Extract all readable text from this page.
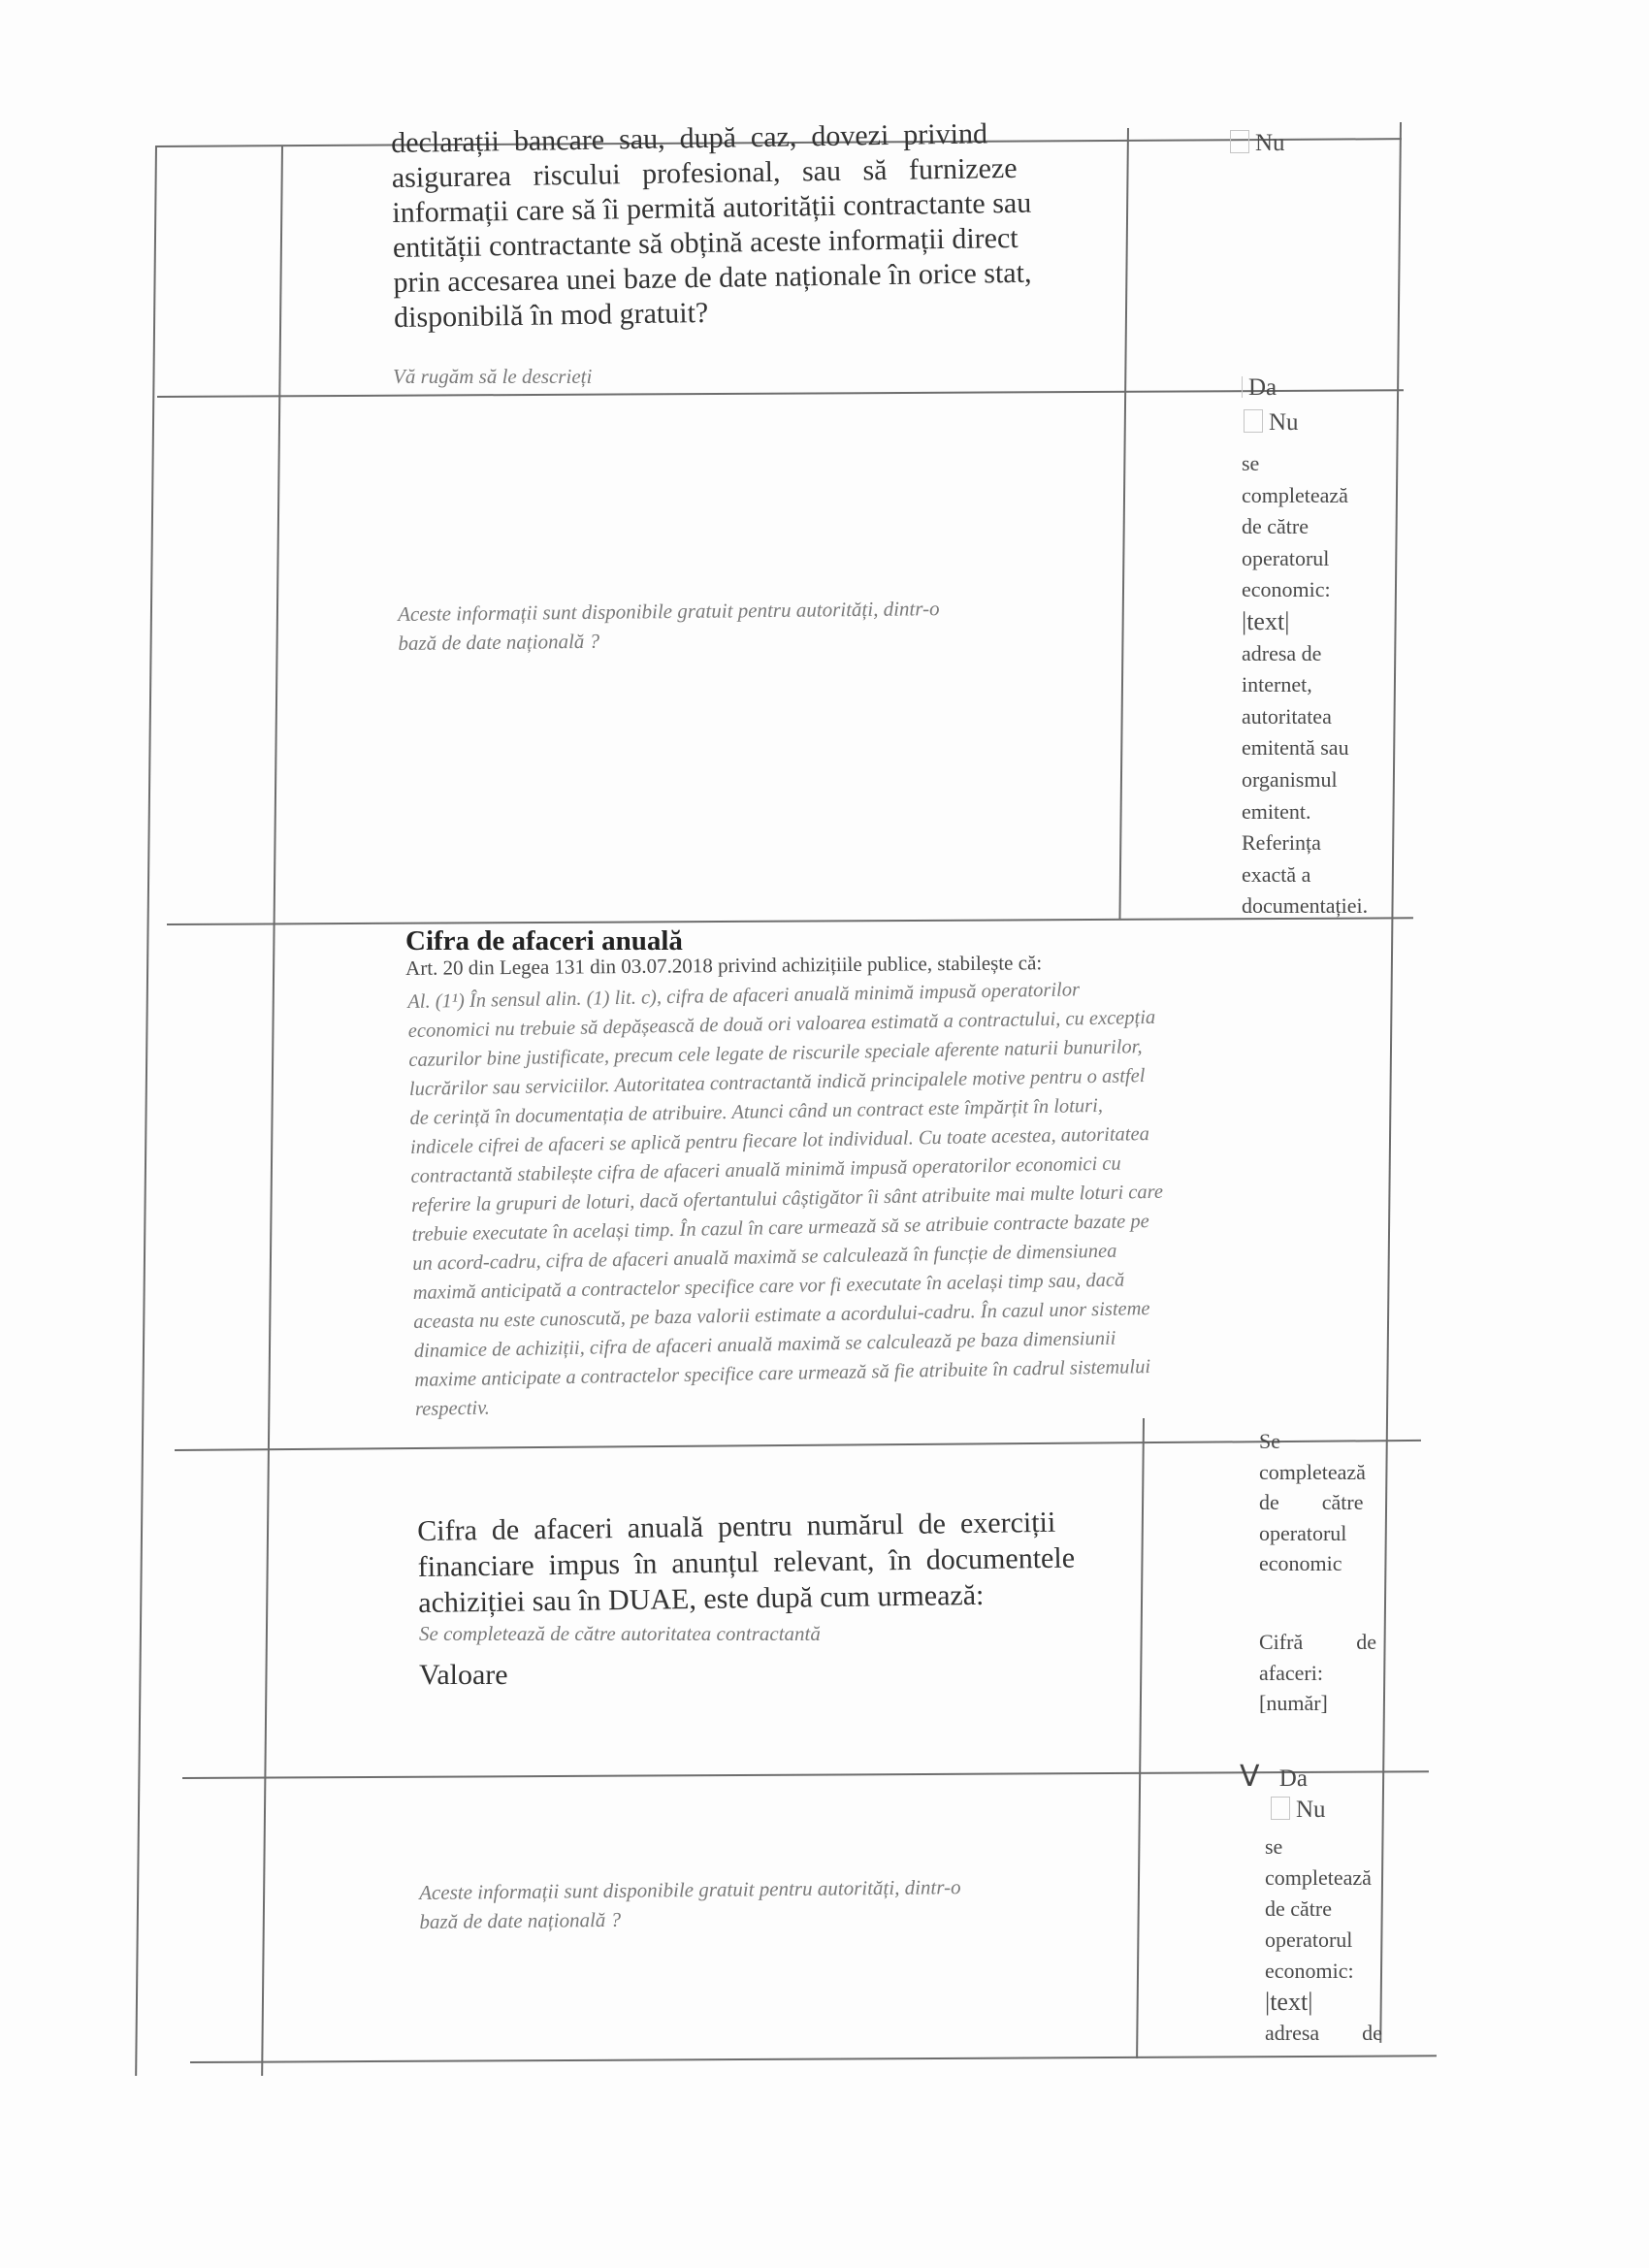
declarații  bancare  sau,  după  caz,  dovezi  privind
asigurarea   riscului   profesional,   sau   să   furnizeze
informații care să îi permită autorității contractante sau
entității contractante să obțină aceste informații direct
prin accesarea unei baze de date naționale în orice stat,
disponibilă în mod gratuit?
Vă rugăm să le descrieți
Nu
Aceste informații sunt disponibile gratuit pentru autorități, dintr-o
bază de date națională ?
Da
Nu
se
completează
de către
operatorul
economic:
|text|
adresa de
internet,
autoritatea
emitentă sau
organismul
emitent.
Referința
exactă a
documentației.
Cifra de afaceri anuală
Art. 20 din Legea 131 din 03.07.2018 privind achizițiile publice, stabilește că:
Al. (1¹) În sensul alin. (1) lit. c), cifra de afaceri anuală minimă impusă operatorilor
economici nu trebuie să depășească de două ori valoarea estimată a contractului, cu excepția
cazurilor bine justificate, precum cele legate de riscurile speciale aferente naturii bunurilor,
lucrărilor sau serviciilor. Autoritatea contractantă indică principalele motive pentru o astfel
de cerință în documentația de atribuire. Atunci când un contract este împărțit în loturi,
indicele cifrei de afaceri se aplică pentru fiecare lot individual. Cu toate acestea, autoritatea
contractantă stabilește cifra de afaceri anuală minimă impusă operatorilor economici cu
referire la grupuri de loturi, dacă ofertantului câștigător îi sânt atribuite mai multe loturi care
trebuie executate în același timp. În cazul în care urmează să se atribuie contracte bazate pe
un acord-cadru, cifra de afaceri anuală maximă se calculează în funcție de dimensiunea
maximă anticipată a contractelor specifice care vor fi executate în același timp sau, dacă
aceasta nu este cunoscută, pe baza valorii estimate a acordului-cadru. În cazul unor sisteme
dinamice de achiziții, cifra de afaceri anuală maximă se calculează pe baza dimensiunii
maxime anticipate a contractelor specifice care urmează să fie atribuite în cadrul sistemului
respectiv.
Cifra  de  afaceri  anuală  pentru  numărul  de  exerciții
financiare  impus  în  anunțul  relevant,  în  documentele
achiziției sau în DUAE, este după cum urmează:
Se completează de către autoritatea contractantă
Valoare
Se
completează
de        către
operatorul
economic
Cifră          de
afaceri:
[număr]
Aceste informații sunt disponibile gratuit pentru autorități, dintr-o
bază de date națională ?
V Da
Nu
se
completează
de către
operatorul
economic:
|text|
adresa        de
